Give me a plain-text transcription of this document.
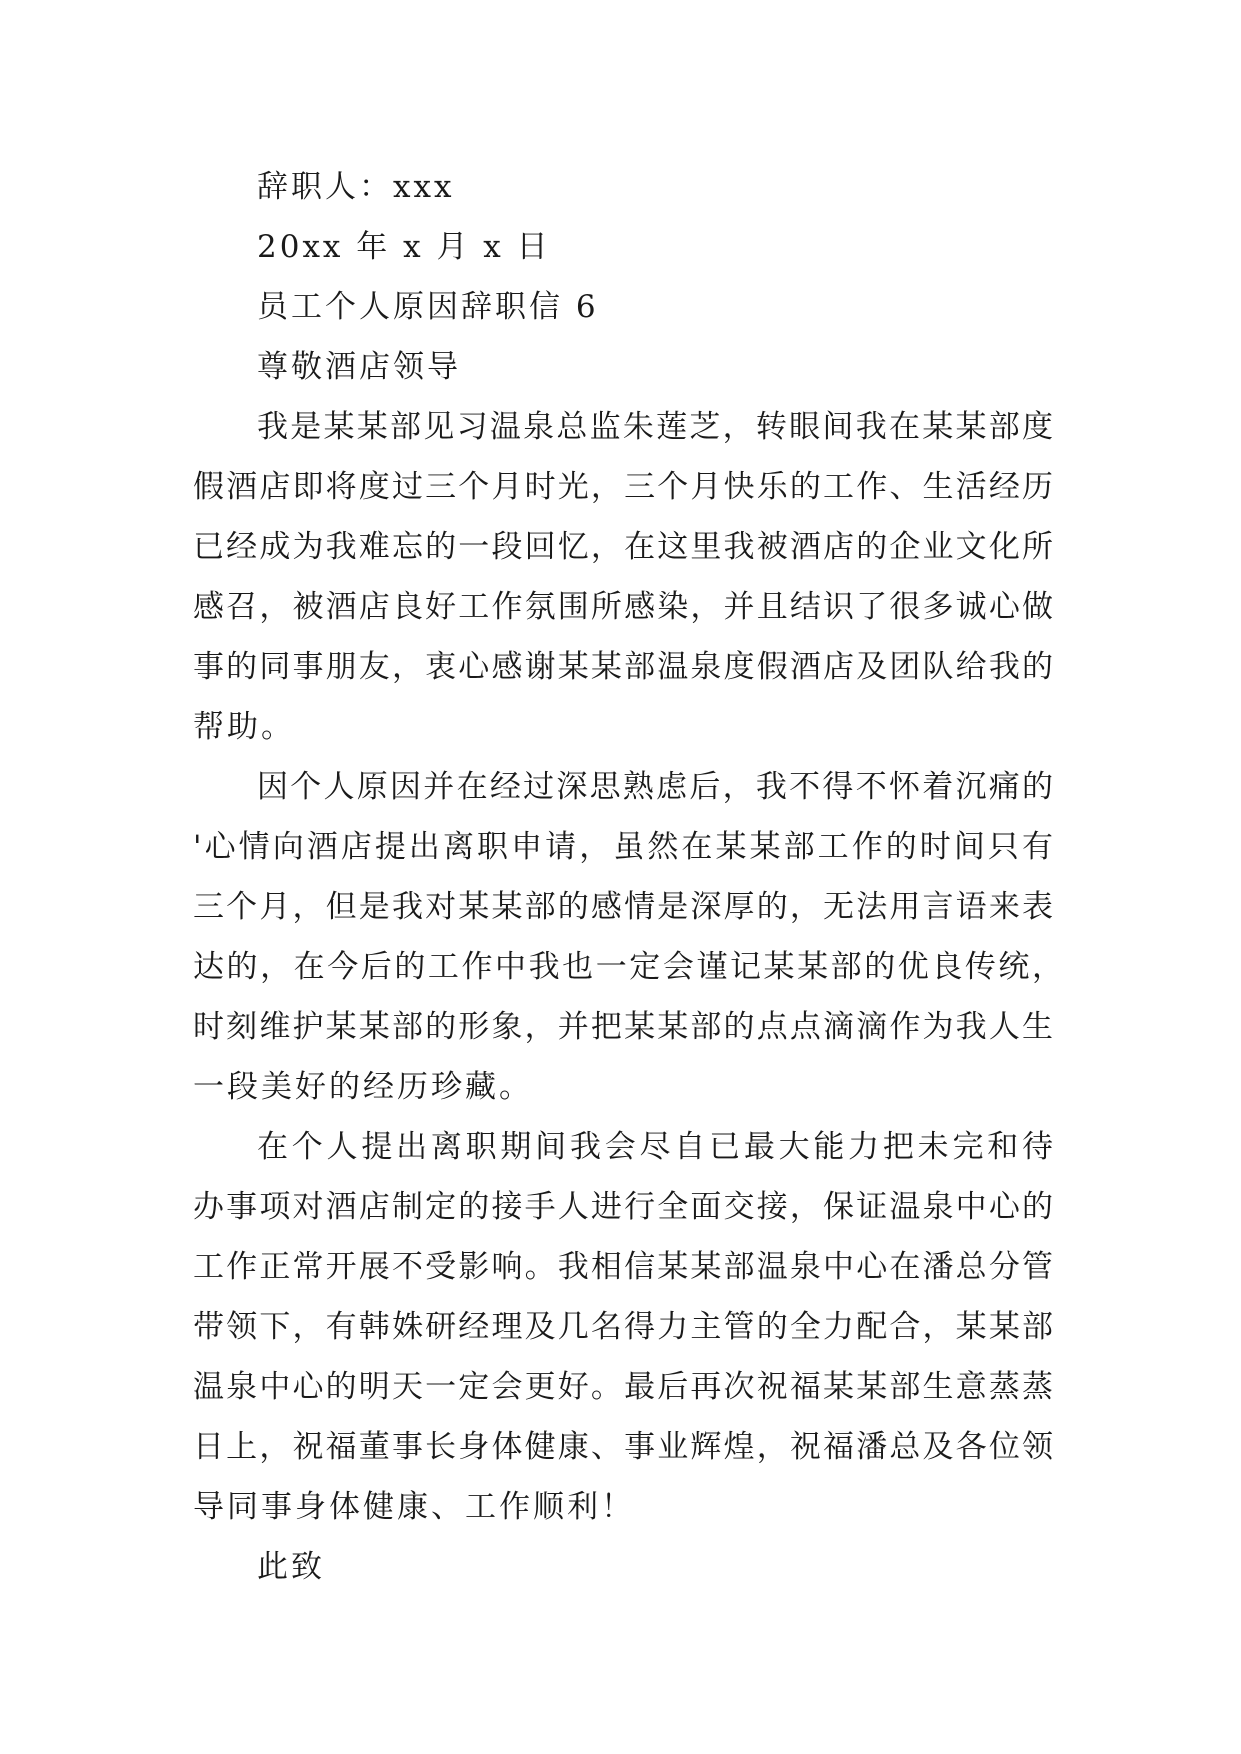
辞职人：xxx
20xx 年 x 月 x 日
员工个人原因辞职信 6
尊敬酒店领导
我是某某部见习温泉总监朱莲芝，转眼间我在某某部度
假酒店即将度过三个月时光，三个月快乐的工作、生活经历
已经成为我难忘的一段回忆，在这里我被酒店的企业文化所
感召，被酒店良好工作氛围所感染，并且结识了很多诚心做
事的同事朋友，衷心感谢某某部温泉度假酒店及团队给我的
帮助。
因个人原因并在经过深思熟虑后，我不得不怀着沉痛的
'心情向酒店提出离职申请，虽然在某某部工作的时间只有
三个月，但是我对某某部的感情是深厚的，无法用言语来表
达的，在今后的工作中我也一定会谨记某某部的优良传统，
时刻维护某某部的形象，并把某某部的点点滴滴作为我人生
一段美好的经历珍藏。
在个人提出离职期间我会尽自已最大能力把未完和待
办事项对酒店制定的接手人进行全面交接，保证温泉中心的
工作正常开展不受影响。我相信某某部温泉中心在潘总分管
带领下，有韩姝研经理及几名得力主管的全力配合，某某部
温泉中心的明天一定会更好。最后再次祝福某某部生意蒸蒸
日上，祝福董事长身体健康、事业辉煌，祝福潘总及各位领
导同事身体健康、工作顺利！
此致
